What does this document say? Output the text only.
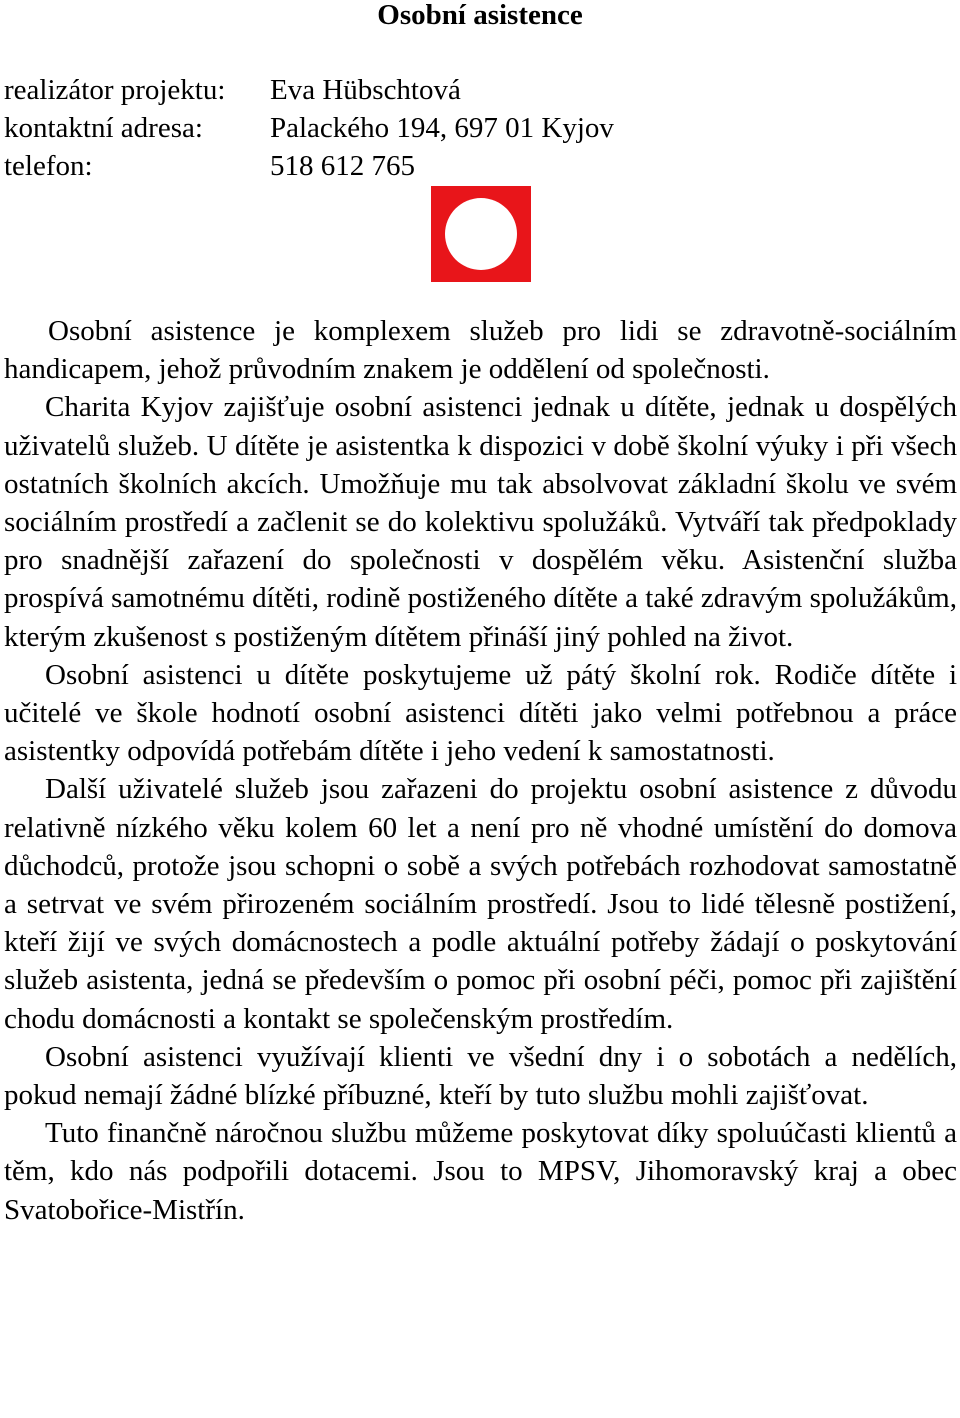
Osobní asistence
realizátor projektu: Eva Hübschtová
kontaktní adresa: Palackého 194, 697 01 Kyjov
telefon:	518 612 765

Osobní asistence je komplexem služeb pro lidi se zdravotně-sociálním handicapem, jehož průvodním znakem je oddělení od společnosti.

Charita Kyjov zajišťuje osobní asistenci jednak u dítěte, jednak u dospělých uživatelů služeb. U dítěte je asistentka k dispozici v době školní výuky i při všech ostatních školních akcích. Umožňuje mu tak absolvovat základní školu ve svém sociálním prostředí a začlenit se do kolektivu spolužáků. Vytváří tak předpoklady pro snadnější zařazení do společnosti v dospělém věku. Asistenční služba prospívá samotnému dítěti, rodině postiženého dítěte a také zdravým spolužákům, kterým zkušenost s postiženým dítětem přináší jiný pohled na život.

Osobní asistenci u dítěte poskytujeme už pátý školní rok. Rodiče dítěte i učitelé ve škole hodnotí osobní asistenci dítěti jako velmi potřebnou a práce asistentky odpovídá potřebám dítěte i jeho vedení k samostatnosti.

Další uživatelé služeb jsou zařazeni do projektu osobní asistence z důvodu relativně nízkého věku kolem 60 let a není pro ně vhodné umístění do domova důchodců, protože jsou schopni o sobě a svých potřebách rozhodovat samostatně a setrvat ve svém přirozeném sociálním prostředí. Jsou to lidé tělesně postižení, kteří žijí ve svých domácnostech a podle aktuální potřeby žádají o poskytování služeb asistenta, jedná se především o pomoc při osobní péči, pomoc při zajištění chodu domácnosti a kontakt se společenským prostředím.

Osobní asistenci využívají klienti ve všední dny i o sobotách a nedělích, pokud nemají žádné blízké příbuzné, kteří by tuto službu mohli zajišťovat.

Tuto finančně náročnou službu můžeme poskytovat díky spoluúčasti klientů a těm, kdo nás podpořili dotacemi. Jsou to MPSV, Jihomoravský kraj a obec Svatobořice-Mistřín.
